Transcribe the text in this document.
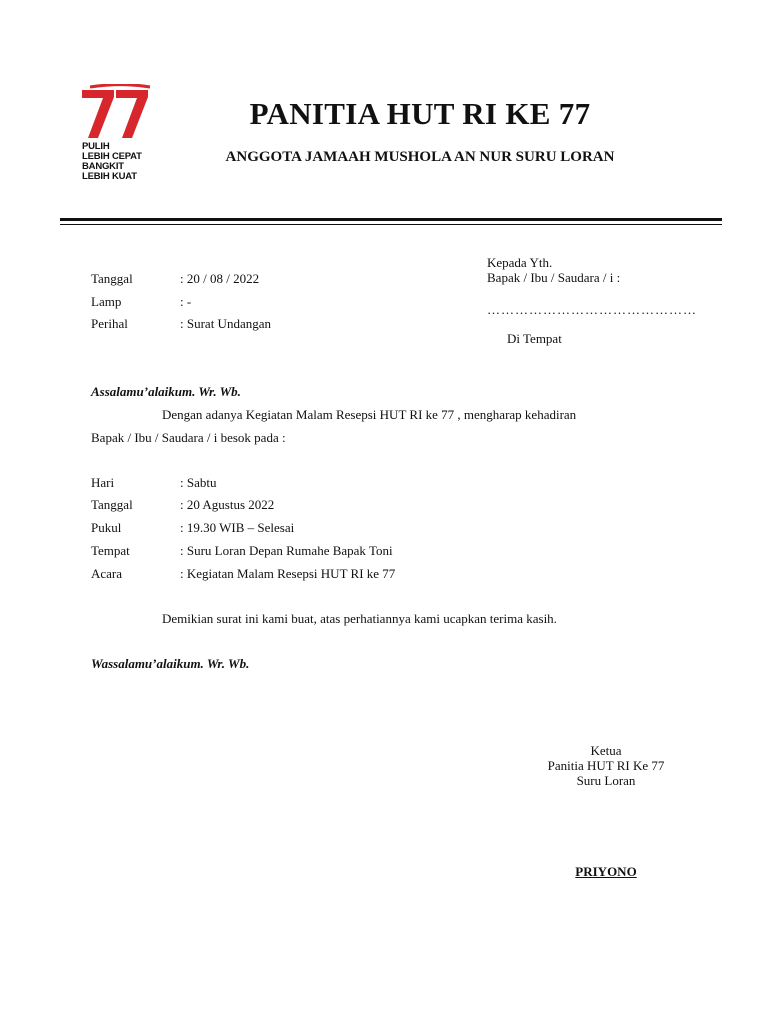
PULIH
LEBIH CEPAT
BANGKIT
LEBIH KUAT
PANITIA HUT RI KE 77
ANGGOTA JAMAAH MUSHOLA AN NUR SURU LORAN
Tanggal	: 20 / 08 / 2022
Lamp	: -
Perihal	: Surat Undangan
Kepada Yth.
Bapak / Ibu / Saudara / i :
………………………………………
Di Tempat
Assalamu’alaikum. Wr. Wb.
Dengan adanya Kegiatan Malam Resepsi HUT RI ke 77 , mengharap kehadiran
Bapak / Ibu / Saudara / i besok pada :
Hari	: Sabtu
Tanggal	: 20 Agustus 2022
Pukul	: 19.30 WIB – Selesai
Tempat	: Suru Loran Depan Rumahe Bapak Toni
Acara	: Kegiatan Malam Resepsi HUT RI ke 77
Demikian surat ini kami buat, atas perhatiannya kami ucapkan terima kasih.
Wassalamu’alaikum. Wr. Wb.
Ketua
Panitia HUT RI Ke 77
Suru Loran
PRIYONO
